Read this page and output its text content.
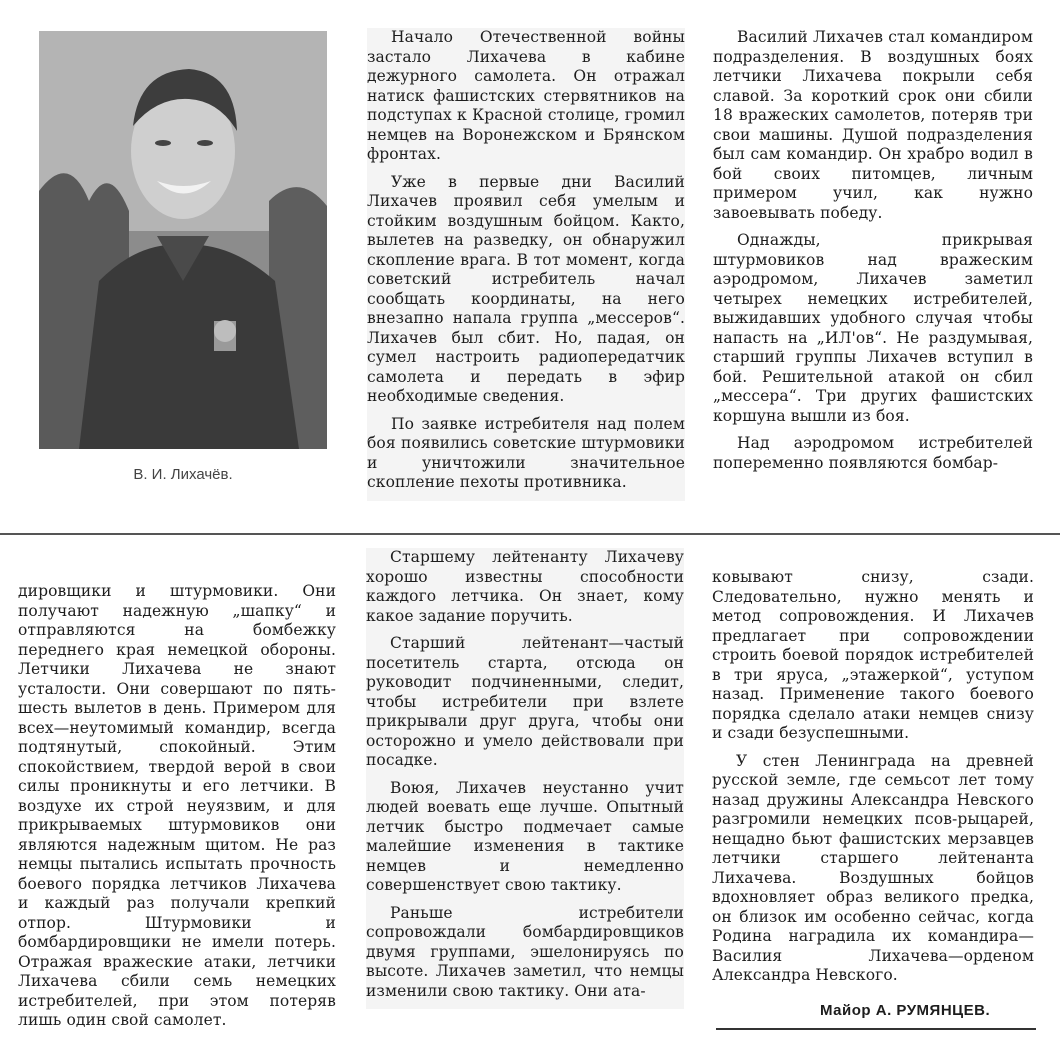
В. И. Лихачёв.

Начало Отечественной войны застало Лихачева в кабине дежурного самолета. Он отражал натиск фашистских стервятников на подступах к Красной столице, громил немцев на Воронежском и Брянском фронтах.

Уже в первые дни Василий Лихачев проявил себя умелым и стойким воздушным бойцом. Както, вылетев на разведку, он обнаружил скопление врага. В тот момент, когда советский истребитель начал сообщать координаты, на него внезапно напала группа „мессеров“. Лихачев был сбит. Но, падая, он сумел настроить радиопередатчик самолета и передать в эфир необходимые сведения.

По заявке истребителя над полем боя появились советские штурмовики и уничтожили значительное скопление пехоты противника.

Василий Лихачев стал командиром подразделения. В воздушных боях летчики Лихачева покрыли себя славой. За короткий срок они сбили 18 вражеских самолетов, потеряв три свои машины. Душой подразделения был сам командир. Он храбро водил в бой своих питомцев, личным примером учил, как нужно завоевывать победу.

Однажды, прикрывая штурмовиков над вражеским аэродромом, Лихачев заметил четырех немецких истребителей, выжидавших удобного случая чтобы напасть на „ИЛ'ов“. Не раздумывая, старший группы Лихачев вступил в бой. Решительной атакой он сбил „мессера“. Три других фашистских коршуна вышли из боя.

Над аэродромом истребителей попеременно появляются бомбар-

дировщики и штурмовики. Они получают надежную „шапку“ и отправляются на бомбежку переднего края немецкой обороны. Летчики Лихачева не знают усталости. Они совершают по пять-шесть вылетов в день. Примером для всех—неутомимый командир, всегда подтянутый, спокойный. Этим спокойствием, твердой верой в свои силы проникнуты и его летчики. В воздухе их строй неуязвим, и для прикрываемых штурмовиков они являются надежным щитом. Не раз немцы пытались испытать прочность боевого порядка летчиков Лихачева и каждый раз получали крепкий отпор. Штурмовики и бомбардировщики не имели потерь. Отражая вражеские атаки, летчики Лихачева сбили семь немецких истребителей, при этом потеряв лишь один свой самолет.

Старшему лейтенанту Лихачеву хорошо известны способности каждого летчика. Он знает, кому какое задание поручить.

Старший лейтенант—частый посетитель старта, отсюда он руководит подчиненными, следит, чтобы истребители при взлете прикрывали друг друга, чтобы они осторожно и умело действовали при посадке.

Воюя, Лихачев неустанно учит людей воевать еще лучше. Опытный летчик быстро подмечает самые малейшие изменения в тактике немцев и немедленно совершенствует свою тактику.

Раньше истребители сопровождали бомбардировщиков двумя группами, эшелонируясь по высоте. Лихачев заметил, что немцы изменили свою тактику. Они ата-

ковывают снизу, сзади. Следовательно, нужно менять и метод сопровождения. И Лихачев предлагает при сопровождении строить боевой порядок истребителей в три яруса, „этажеркой“, уступом назад. Применение такого боевого порядка сделало атаки немцев снизу и сзади безуспешными.

У стен Ленинграда на древней русской земле, где семьсот лет тому назад дружины Александра Невского разгромили немецких псов-рыцарей, нещадно бьют фашистских мерзавцев летчики старшего лейтенанта Лихачева. Воздушных бойцов вдохновляет образ великого предка, он близок им особенно сейчас, когда Родина наградила их командира—Василия Лихачева—орденом Александра Невского.

Майор А. РУМЯНЦЕВ.
